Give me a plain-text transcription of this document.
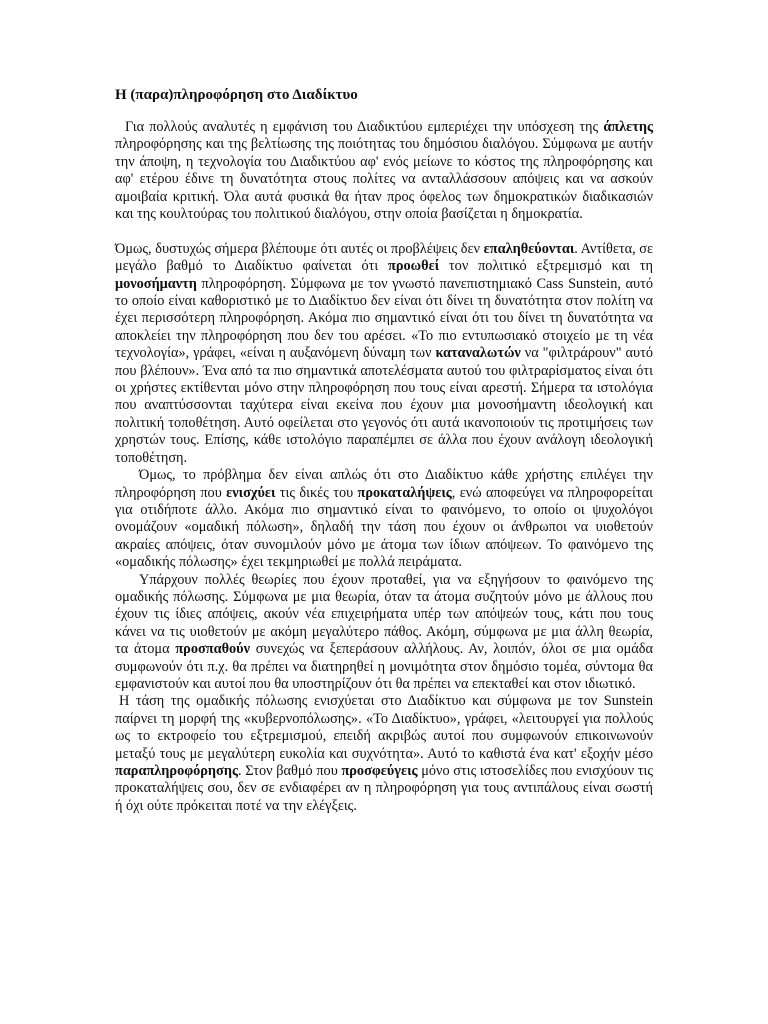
Η (παρα)πληροφόρηση στο Διαδίκτυο

Για πολλούς αναλυτές η εμφάνιση του Διαδικτύου εμπεριέχει την υπόσχεση της άπλετης πληροφόρησης και της βελτίωσης της ποιότητας του δημόσιου διαλόγου. Σύμφωνα με αυτήν την άποψη, η τεχνολογία του Διαδικτύου αφ' ενός μείωνε το κόστος της πληροφόρησης και αφ' ετέρου έδινε τη δυνατότητα στους πολίτες να ανταλλάσσουν απόψεις και να ασκούν αμοιβαία κριτική. Όλα αυτά φυσικά θα ήταν προς όφελος των δημοκρατικών διαδικασιών και της κουλτούρας του πολιτικού διαλόγου, στην οποία βασίζεται η δημοκρατία.

Όμως, δυστυχώς σήμερα βλέπουμε ότι αυτές οι προβλέψεις δεν επαληθεύονται. Αντίθετα, σε μεγάλο βαθμό το Διαδίκτυο φαίνεται ότι προωθεί τον πολιτικό εξτρεμισμό και τη μονοσήμαντη πληροφόρηση. Σύμφωνα με τον γνωστό πανεπιστημιακό Cass Sunstein, αυτό το οποίο είναι καθοριστικό με το Διαδίκτυο δεν είναι ότι δίνει τη δυνατότητα στον πολίτη να έχει περισσότερη πληροφόρηση. Ακόμα πιο σημαντικό είναι ότι του δίνει τη δυνατότητα να αποκλείει την πληροφόρηση που δεν του αρέσει. «Το πιο εντυπωσιακό στοιχείο με τη νέα τεχνολογία», γράφει, «είναι η αυξανόμενη δύναμη των καταναλωτών να "φιλτράρουν" αυτό που βλέπουν». Ένα από τα πιο σημαντικά αποτελέσματα αυτού του φιλτραρίσματος είναι ότι οι χρήστες εκτίθενται μόνο στην πληροφόρηση που τους είναι αρεστή. Σήμερα τα ιστολόγια που αναπτύσσονται ταχύτερα είναι εκείνα που έχουν μια μονοσήμαντη ιδεολογική και πολιτική τοποθέτηση. Αυτό οφείλεται στο γεγονός ότι αυτά ικανοποιούν τις προτιμήσεις των χρηστών τους. Επίσης, κάθε ιστολόγιο παραπέμπει σε άλλα που έχουν ανάλογη ιδεολογική τοποθέτηση.

Όμως, το πρόβλημα δεν είναι απλώς ότι στο Διαδίκτυο κάθε χρήστης επιλέγει την πληροφόρηση που ενισχύει τις δικές του προκαταλήψεις, ενώ αποφεύγει να πληροφορείται για οτιδήποτε άλλο. Ακόμα πιο σημαντικό είναι το φαινόμενο, το οποίο οι ψυχολόγοι ονομάζουν «ομαδική πόλωση», δηλαδή την τάση που έχουν οι άνθρωποι να υιοθετούν ακραίες απόψεις, όταν συνομιλούν μόνο με άτομα των ίδιων απόψεων. Το φαινόμενο της «ομαδικής πόλωσης» έχει τεκμηριωθεί με πολλά πειράματα.

Υπάρχουν πολλές θεωρίες που έχουν προταθεί, για να εξηγήσουν το φαινόμενο της ομαδικής πόλωσης. Σύμφωνα με μια θεωρία, όταν τα άτομα συζητούν μόνο με άλλους που έχουν τις ίδιες απόψεις, ακούν νέα επιχειρήματα υπέρ των απόψεών τους, κάτι που τους κάνει να τις υιοθετούν με ακόμη μεγαλύτερο πάθος. Ακόμη, σύμφωνα με μια άλλη θεωρία, τα άτομα προσπαθούν συνεχώς να ξεπεράσουν αλλήλους. Αν, λοιπόν, όλοι σε μια ομάδα συμφωνούν ότι π.χ. θα πρέπει να διατηρηθεί η μονιμότητα στον δημόσιο τομέα, σύντομα θα εμφανιστούν και αυτοί που θα υποστηρίζουν ότι θα πρέπει να επεκταθεί και στον ιδιωτικό.

Η τάση της ομαδικής πόλωσης ενισχύεται στο Διαδίκτυο και σύμφωνα με τον Sunstein παίρνει τη μορφή της «κυβερνοπόλωσης». «Το Διαδίκτυο», γράφει, «λειτουργεί για πολλούς ως το εκτροφείο του εξτρεμισμού, επειδή ακριβώς αυτοί που συμφωνούν επικοινωνούν μεταξύ τους με μεγαλύτερη ευκολία και συχνότητα». Αυτό το καθιστά ένα κατ' εξοχήν μέσο παραπληροφόρησης. Στον βαθμό που προσφεύγεις μόνο στις ιστοσελίδες που ενισχύουν τις προκαταλήψεις σου, δεν σε ενδιαφέρει αν η πληροφόρηση για τους αντιπάλους είναι σωστή ή όχι ούτε πρόκειται ποτέ να την ελέγξεις.
